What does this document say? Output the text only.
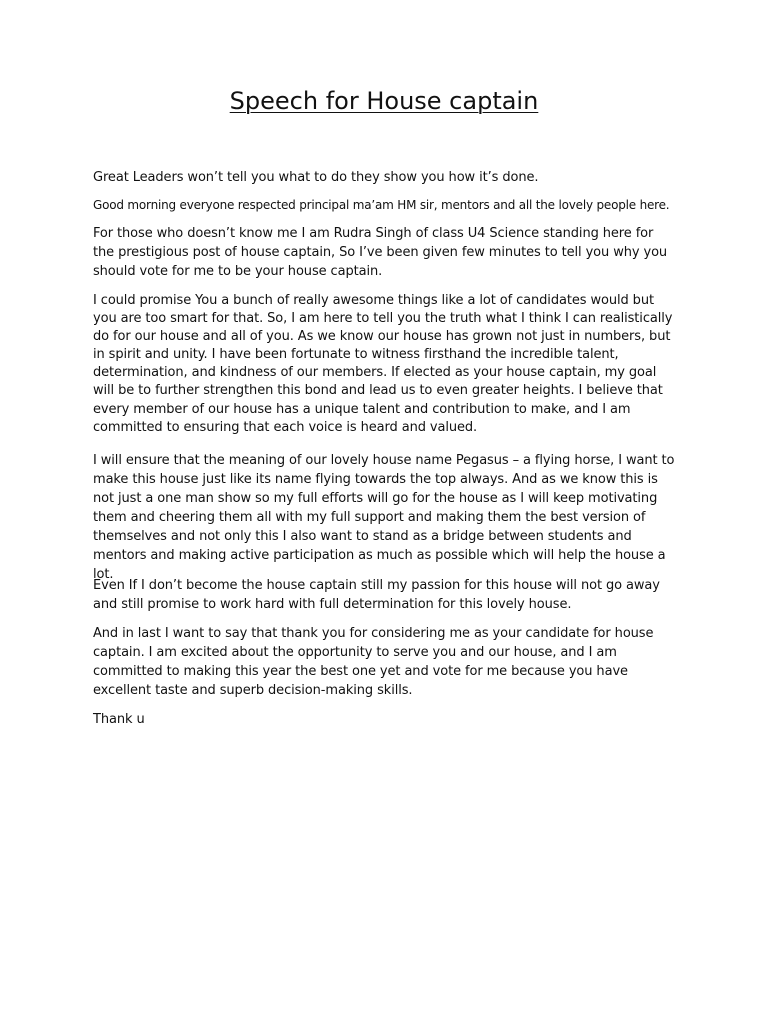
Speech for House captain

Great Leaders won’t tell you what to do they show you how it’s done.

Good morning everyone respected principal ma’am HM sir, mentors and all the lovely people here.

For those who doesn’t know me I am Rudra Singh of class U4 Science standing here for the prestigious post of house captain, So I’ve been given few minutes to tell you why you should vote for me to be your house captain.

I could promise You a bunch of really awesome things like a lot of candidates would but you are too smart for that. So, I am here to tell you the truth what I think I can realistically do for our house and all of you. As we know our house has grown not just in numbers, but in spirit and unity. I have been fortunate to witness firsthand the incredible talent, determination, and kindness of our members. If elected as your house captain, my goal will be to further strengthen this bond and lead us to even greater heights. I believe that every member of our house has a unique talent and contribution to make, and I am committed to ensuring that each voice is heard and valued.

I will ensure that the meaning of our lovely house name Pegasus – a flying horse, I want to make this house just like its name flying towards the top always. And as we know this is not just a one man show so my full efforts will go for the house as I will keep motivating them and cheering them all with my full support and making them the best version of themselves and not only this I also want to stand as a bridge between students and mentors and making active participation as much as possible which will help the house a lot.

Even If I don’t become the house captain still my passion for this house will not go away and still promise to work hard with full determination for this lovely house.

And in last I want to say that thank you for considering me as your candidate for house captain. I am excited about the opportunity to serve you and our house, and I am committed to making this year the best one yet and vote for me because you have excellent taste and superb decision-making skills.

Thank u
